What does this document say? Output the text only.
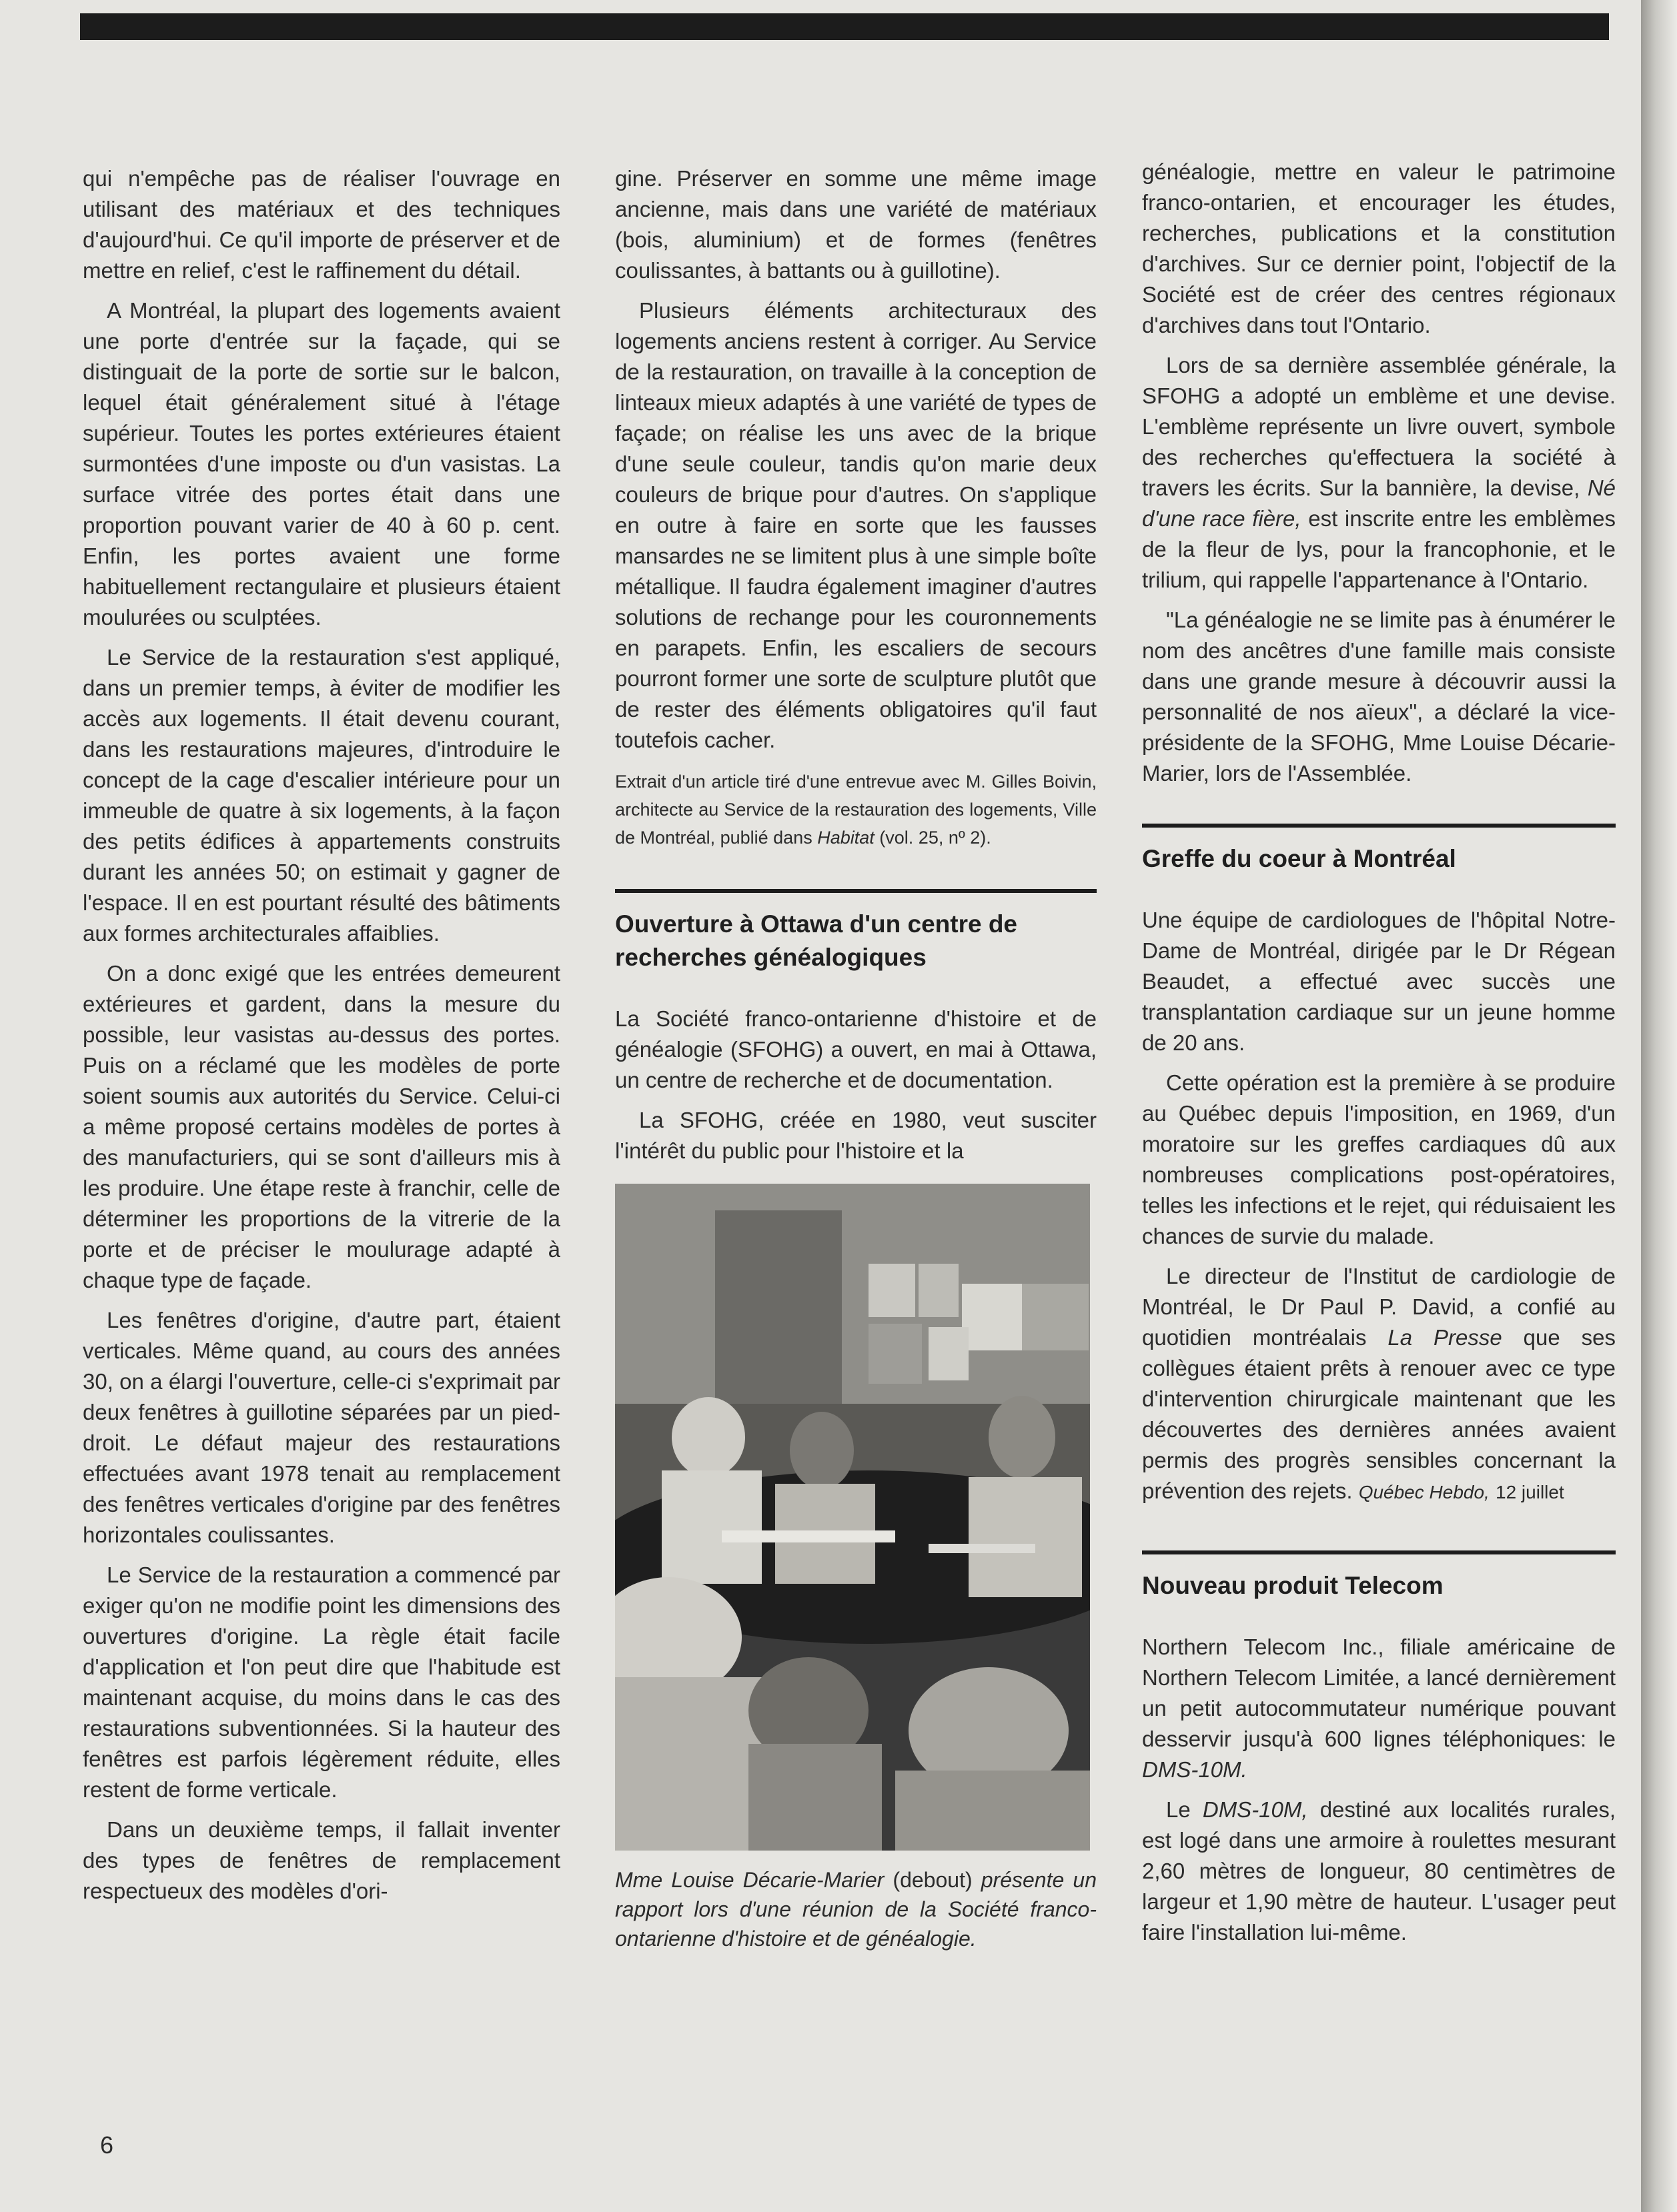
qui n'empêche pas de réaliser l'ouvrage en utilisant des matériaux et des techniques d'aujourd'hui. Ce qu'il importe de préserver et de mettre en relief, c'est le raffinement du détail.

A Montréal, la plupart des logements avaient une porte d'entrée sur la façade, qui se distinguait de la porte de sortie sur le balcon, lequel était généralement situé à l'étage supérieur. Toutes les portes extérieures étaient surmontées d'une imposte ou d'un vasistas. La surface vitrée des portes était dans une proportion pouvant varier de 40 à 60 p. cent. Enfin, les portes avaient une forme habituellement rectangulaire et plusieurs étaient moulurées ou sculptées.

Le Service de la restauration s'est appliqué, dans un premier temps, à éviter de modifier les accès aux logements. Il était devenu courant, dans les restaurations majeures, d'introduire le concept de la cage d'escalier intérieure pour un immeuble de quatre à six logements, à la façon des petits édifices à appartements construits durant les années 50; on estimait y gagner de l'espace. Il en est pourtant résulté des bâtiments aux formes architecturales affaiblies.

On a donc exigé que les entrées demeurent extérieures et gardent, dans la mesure du possible, leur vasistas au-dessus des portes. Puis on a réclamé que les modèles de porte soient soumis aux autorités du Service. Celui-ci a même proposé certains modèles de portes à des manufacturiers, qui se sont d'ailleurs mis à les produire. Une étape reste à franchir, celle de déterminer les proportions de la vitrerie de la porte et de préciser le moulurage adapté à chaque type de façade.

Les fenêtres d'origine, d'autre part, étaient verticales. Même quand, au cours des années 30, on a élargi l'ouverture, celle-ci s'exprimait par deux fenêtres à guillotine séparées par un pied-droit. Le défaut majeur des restaurations effectuées avant 1978 tenait au remplacement des fenêtres verticales d'origine par des fenêtres horizontales coulissantes.

Le Service de la restauration a commencé par exiger qu'on ne modifie point les dimensions des ouvertures d'origine. La règle était facile d'application et l'on peut dire que l'habitude est maintenant acquise, du moins dans le cas des restaurations subventionnées. Si la hauteur des fenêtres est parfois légèrement réduite, elles restent de forme verticale.

Dans un deuxième temps, il fallait inventer des types de fenêtres de remplacement respectueux des modèles d'ori-

gine. Préserver en somme une même image ancienne, mais dans une variété de matériaux (bois, aluminium) et de formes (fenêtres coulissantes, à battants ou à guillotine).

Plusieurs éléments architecturaux des logements anciens restent à corriger. Au Service de la restauration, on travaille à la conception de linteaux mieux adaptés à une variété de types de façade; on réalise les uns avec de la brique d'une seule couleur, tandis qu'on marie deux couleurs de brique pour d'autres. On s'applique en outre à faire en sorte que les fausses mansardes ne se limitent plus à une simple boîte métallique. Il faudra également imaginer d'autres solutions de rechange pour les couronnements en parapets. Enfin, les escaliers de secours pourront former une sorte de sculpture plutôt que de rester des éléments obligatoires qu'il faut toutefois cacher.

Extrait d'un article tiré d'une entrevue avec M. Gilles Boivin, architecte au Service de la restauration des logements, Ville de Montréal, publié dans Habitat (vol. 25, nº 2).

Ouverture à Ottawa d'un centre de recherches généalogiques

La Société franco-ontarienne d'histoire et de généalogie (SFOHG) a ouvert, en mai à Ottawa, un centre de recherche et de documentation.

La SFOHG, créée en 1980, veut susciter l'intérêt du public pour l'histoire et la

Mme Louise Décarie-Marier (debout) présente un rapport lors d'une réunion de la Société franco-ontarienne d'histoire et de généalogie.

généalogie, mettre en valeur le patrimoine franco-ontarien, et encourager les études, recherches, publications et la constitution d'archives. Sur ce dernier point, l'objectif de la Société est de créer des centres régionaux d'archives dans tout l'Ontario.

Lors de sa dernière assemblée générale, la SFOHG a adopté un emblème et une devise. L'emblème représente un livre ouvert, symbole des recherches qu'effectuera la société à travers les écrits. Sur la bannière, la devise, Né d'une race fière, est inscrite entre les emblèmes de la fleur de lys, pour la francophonie, et le trilium, qui rappelle l'appartenance à l'Ontario.

"La généalogie ne se limite pas à énumérer le nom des ancêtres d'une famille mais consiste dans une grande mesure à découvrir aussi la personnalité de nos aïeux", a déclaré la vice-présidente de la SFOHG, Mme Louise Décarie-Marier, lors de l'Assemblée.

Greffe du coeur à Montréal

Une équipe de cardiologues de l'hôpital Notre-Dame de Montréal, dirigée par le Dr Régean Beaudet, a effectué avec succès une transplantation cardiaque sur un jeune homme de 20 ans.

Cette opération est la première à se produire au Québec depuis l'imposition, en 1969, d'un moratoire sur les greffes cardiaques dû aux nombreuses complications post-opératoires, telles les infections et le rejet, qui réduisaient les chances de survie du malade.

Le directeur de l'Institut de cardiologie de Montréal, le Dr Paul P. David, a confié au quotidien montréalais La Presse que ses collègues étaient prêts à renouer avec ce type d'intervention chirurgicale maintenant que les découvertes des dernières années avaient permis des progrès sensibles concernant la prévention des rejets. Québec Hebdo, 12 juillet

Nouveau produit Telecom

Northern Telecom Inc., filiale américaine de Northern Telecom Limitée, a lancé dernièrement un petit autocommutateur numérique pouvant desservir jusqu'à 600 lignes téléphoniques: le DMS-10M.

Le DMS-10M, destiné aux localités rurales, est logé dans une armoire à roulettes mesurant 2,60 mètres de longueur, 80 centimètres de largeur et 1,90 mètre de hauteur. L'usager peut faire l'installation lui-même.

6
